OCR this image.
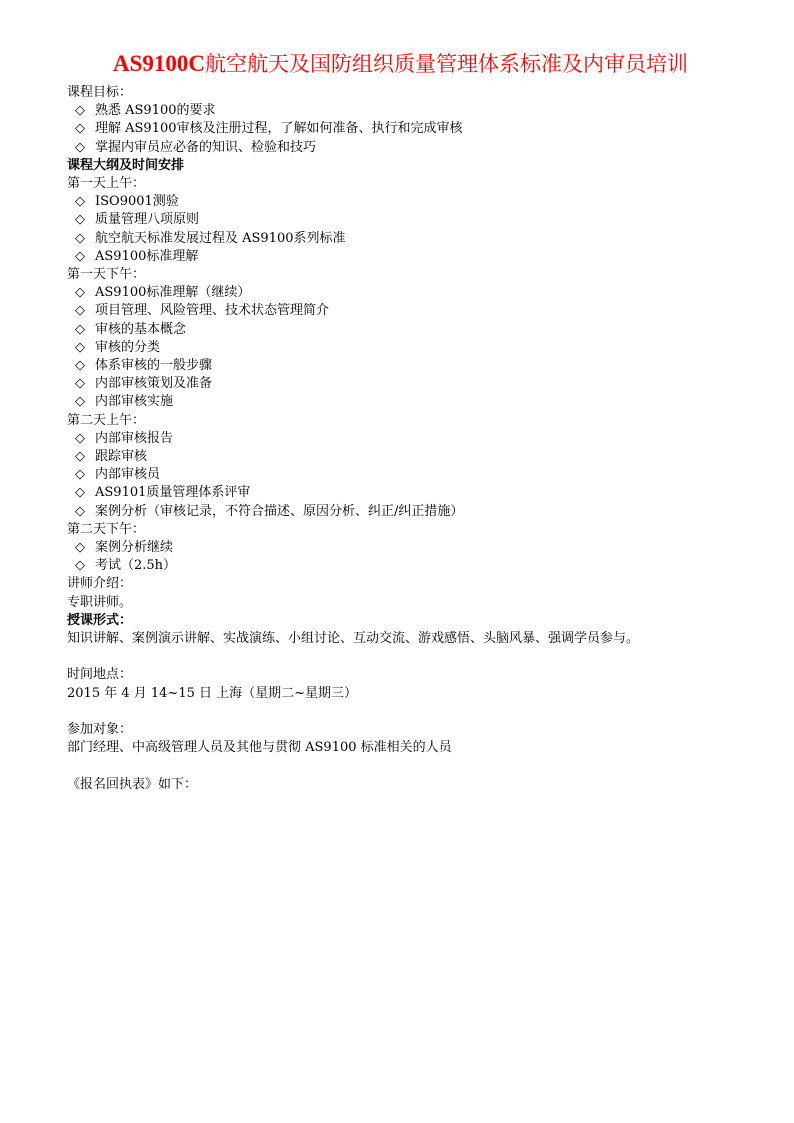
AS9100C航空航天及国防组织质量管理体系标准及内审员培训
课程目标：
◇ 熟悉 AS9100的要求
◇ 理解 AS9100审核及注册过程，了解如何准备、执行和完成审核
◇ 掌握内审员应必备的知识、检验和技巧
课程大纲及时间安排
第一天上午：
◇ ISO9001测验
◇ 质量管理八项原则
◇ 航空航天标准发展过程及 AS9100系列标准
◇ AS9100标准理解
第一天下午：
◇ AS9100标准理解（继续）
◇ 项目管理、风险管理、技术状态管理简介
◇ 审核的基本概念
◇ 审核的分类
◇ 体系审核的一般步骤
◇ 内部审核策划及准备
◇ 内部审核实施
第二天上午：
◇ 内部审核报告
◇ 跟踪审核
◇ 内部审核员
◇ AS9101质量管理体系评审
◇ 案例分析（审核记录，不符合描述、原因分析、纠正/纠正措施）
第二天下午：
◇ 案例分析继续
◇ 考试（2.5h）
讲师介绍：
专职讲师。
授课形式：
知识讲解、案例演示讲解、实战演练、小组讨论、互动交流、游戏感悟、头脑风暴、强调学员参与。
时间地点：
2015 年 4 月 14~15 日 上海（星期二~星期三）
参加对象：
部门经理、中高级管理人员及其他与贯彻 AS9100 标准相关的人员
《报名回执表》如下：
